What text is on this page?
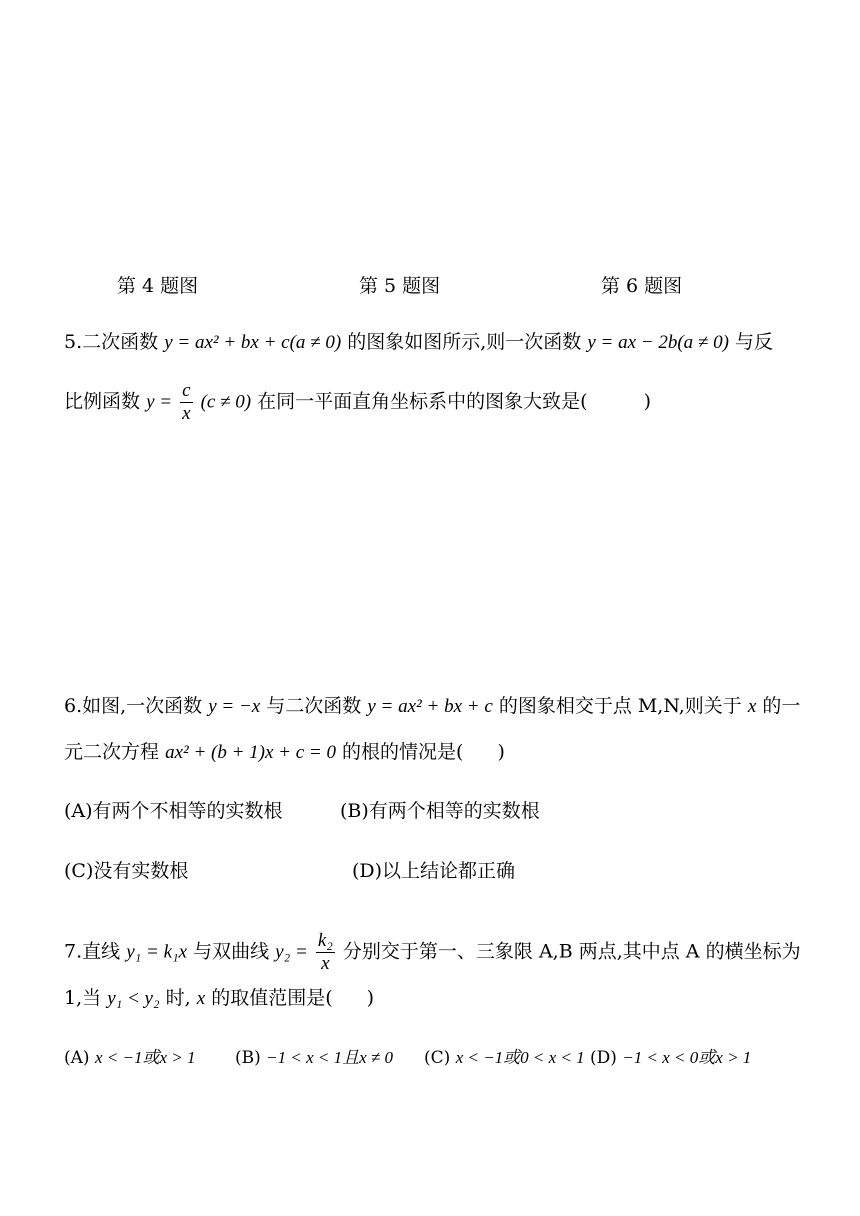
第 4 题图	第 5 题图	第 6 题图
5.二次函数 y = ax² + bx + c(a ≠ 0) 的图象如图所示,则一次函数 y = ax − 2b(a ≠ 0) 与反
比例函数 $y = \frac{c}{x} (c \ne 0)$ 在同一平面直角坐标系中的图象大致是(	)
6.如图,一次函数 y = −x 与二次函数 y = ax² + bx + c 的图象相交于点 M,N,则关于 x 的一
元二次方程 ax² + (b + 1)x + c = 0 的根的情况是( )
(A)有两个不相等的实数根	(B)有两个相等的实数根
(C)没有实数根	(D)以上结论都正确
7.直线 y₁ = k₁x 与双曲线 $y_2 = \frac{\text{k₂}}{x}$ 分别交于第一、三象限 A,B 两点,其中点 A 的横坐标为
1,当 y₁ < y₂ 时, x 的取值范围是( )
(A) x < −1或x > 1 (B) −1 < x < 1且x ≠ 0 (C) x < −1或0 < x < 1 (D) −1 < x < 0或x > 1
